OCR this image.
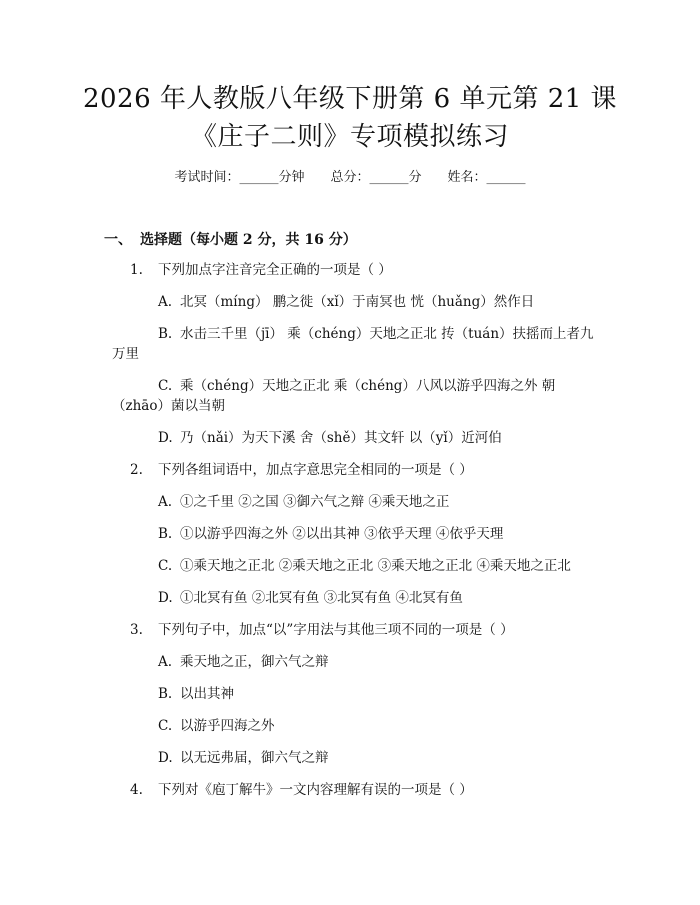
2026 年人教版八年级下册第 6 单元第 21 课
《庄子二则》专项模拟练习
考试时间：______分钟 总分：______分 姓名：______
一、 选择题（每小题 2 分，共 16 分）
1. 下列加点字注音完全正确的一项是（ ）
A. 北冥（míng） 鹏之徙（xǐ）于南冥也 恍（huǎng）然作日
B. 水击三千里（jī） 乘（chéng）天地之正北 抟（tuán）扶摇而上者九
万里
C. 乘（chéng）天地之正北 乘（chéng）八风以游乎四海之外 朝
（zhāo）菌以当朝
D. 乃（nǎi）为天下溪 舍（shě）其文轩 以（yǐ）近河伯
2. 下列各组词语中，加点字意思完全相同的一项是（ ）
A. ①之千里 ②之国 ③御六气之辩 ④乘天地之正
B. ①以游乎四海之外 ②以出其神 ③依乎天理 ④依乎天理
C. ①乘天地之正北 ②乘天地之正北 ③乘天地之正北 ④乘天地之正北
D. ①北冥有鱼 ②北冥有鱼 ③北冥有鱼 ④北冥有鱼
3. 下列句子中，加点“以”字用法与其他三项不同的一项是（ ）
A. 乘天地之正，御六气之辩
B. 以出其神
C. 以游乎四海之外
D. 以无远弗届，御六气之辩
4. 下列对《庖丁解牛》一文内容理解有误的一项是（ ）
